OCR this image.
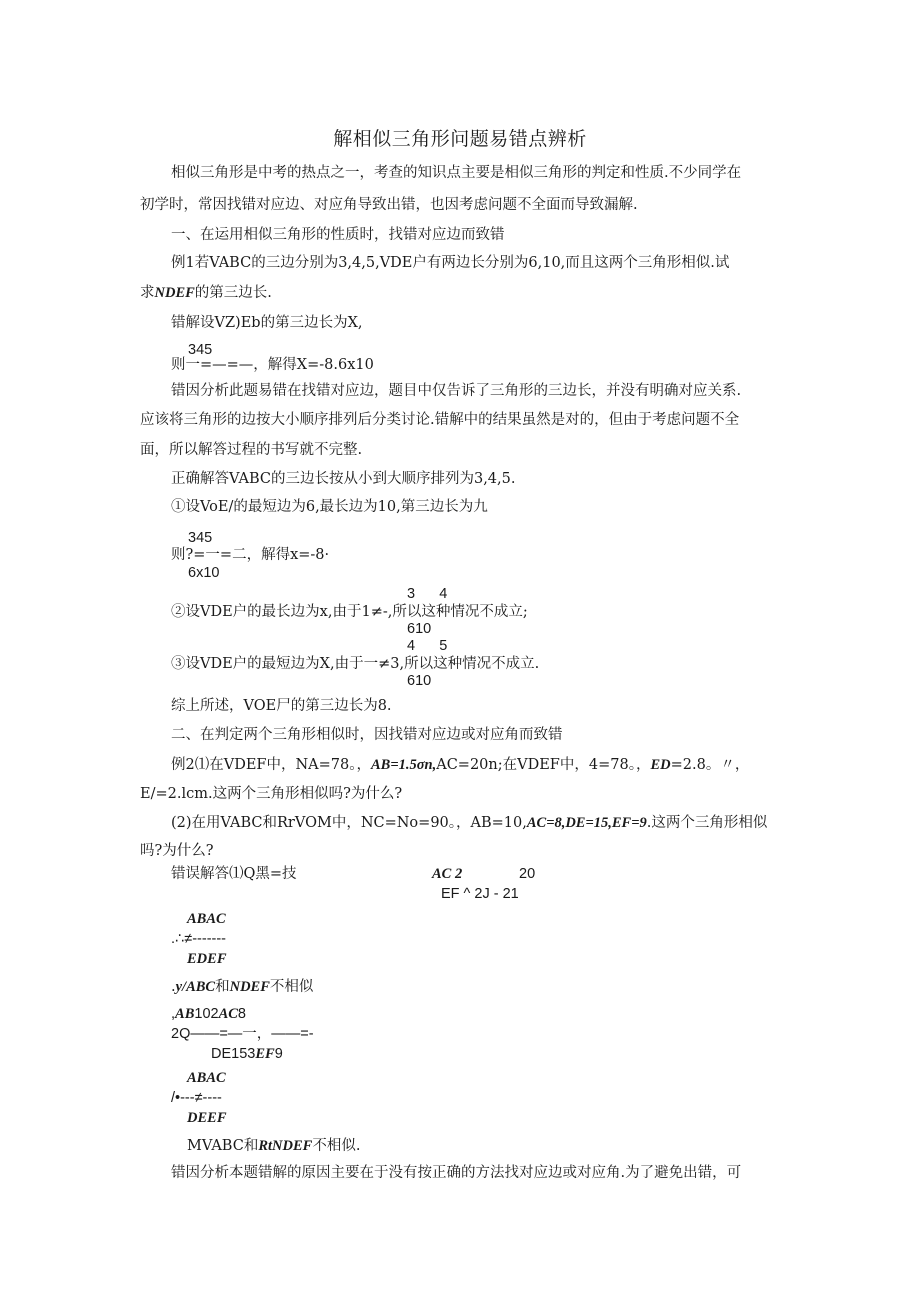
解相似三角形问题易错点辨析
相似三角形是中考的热点之一，考查的知识点主要是相似三角形的判定和性质.不少同学在
初学时，常因找错对应边、对应角导致出错，也因考虑问题不全面而导致漏解.
一、在运用相似三角形的性质时，找错对应边而致错
例1若VABC的三边分别为3,4,5,VDE户有两边长分别为6,10,而且这两个三角形相似.试
求NDEF的第三边长.
错解设VZ)Eb的第三边长为X,
345
则一=—=—，解得X=-8.6x10
错因分析此题易错在找错对应边，题目中仅告诉了三角形的三边长，并没有明确对应关系.
应该将三角形的边按大小顺序排列后分类讨论.错解中的结果虽然是对的，但由于考虑问题不全
面，所以解答过程的书写就不完整.
正确解答VABC的三边长按从小到大顺序排列为3,4,5.
①设VoE/的最短边为6,最长边为10,第三边长为九
345
则?=一=二，解得x=-8·
6x10
3      4
②设VDE户的最长边为x,由于1≠-,所以这种情况不成立;
610
4      5
③设VDE户的最短边为X,由于一≠3,所以这种情况不成立.
610
综上所述，VOE尸的第三边长为8.
二、在判定两个三角形相似时，因找错对应边或对应角而致错
例2⑴在VDEF中，NA=78。，AB=1.5σn,AC=20n;在VDEF中，4=78。，ED=2.8。〃，
E/=2.lcm.这两个三角形相似吗?为什么?
(2)在用VABC和RrVOM中，NC=No=90。，AB=10,AC=8,DE=15,EF=9.这两个三角形相似
吗?为什么?
错误解答⑴Q黑=技	AC 2	20
EF ^ 2J - 21
ABAC
.∴≠-------
EDEF
.y/ABC和NDEF不相似
,AB102AC8
2Q——=—一，——=-
DE153EF9
ABAC
/•---≠----
DEEF
MVABC和RtNDEF不相似.
错因分析本题错解的原因主要在于没有按正确的方法找对应边或对应角.为了避免出错，可
